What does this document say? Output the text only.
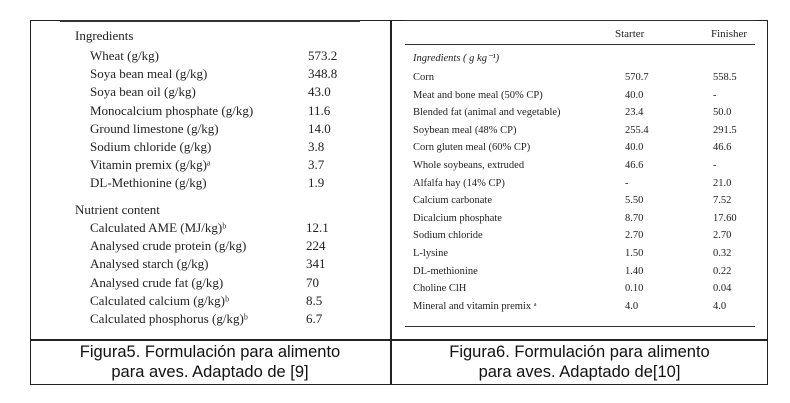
Ingredients
Wheat (g/kg)	573.2
Soya bean meal (g/kg)	348.8
Soya bean oil (g/kg)	43.0
Monocalcium phosphate (g/kg)	11.6
Ground limestone (g/kg)	14.0
Sodium chloride (g/kg)	3.8
Vitamin premix (g/kg)ᵃ	3.7
DL-Methionine (g/kg)	1.9
Nutrient content
Calculated AME (MJ/kg)ᵇ	12.1
Analysed crude protein (g/kg)	224
Analysed starch (g/kg)	341
Analysed crude fat (g/kg)	70
Calculated calcium (g/kg)ᵇ	8.5
Calculated phosphorus (g/kg)ᵇ	6.7
Starter	Finisher
Ingredients ( g kg⁻¹)
Corn	570.7	558.5
Meat and bone meal (50% CP)	40.0	-
Blended fat (animal and vegetable)	23.4	50.0
Soybean meal (48% CP)	255.4	291.5
Corn gluten meal (60% CP)	40.0	46.6
Whole soybeans, extruded	46.6	-
Alfalfa hay (14% CP)	-	21.0
Calcium carbonate	5.50	7.52
Dicalcium phosphate	8.70	17.60
Sodium chloride	2.70	2.70
L-lysine	1.50	0.32
DL-methionine	1.40	0.22
Choline ClH	0.10	0.04
Mineral and vitamin premix ᵃ	4.0	4.0
Figura5. Formulación para alimento
para aves. Adaptado de [9]
Figura6. Formulación para alimento
para aves. Adaptado de[10]
